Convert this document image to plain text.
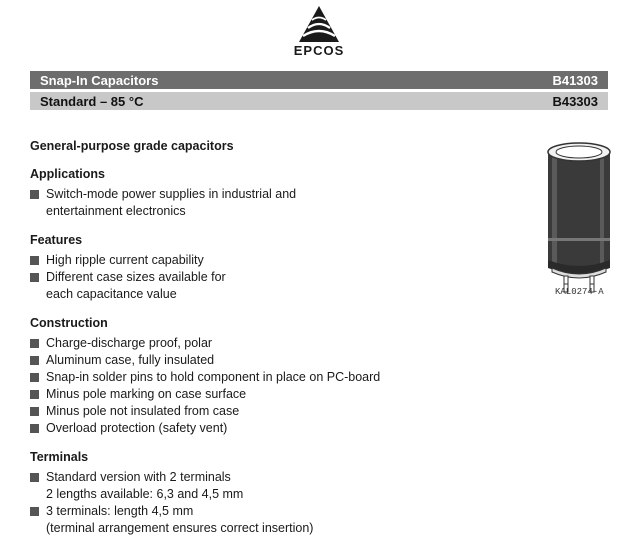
EPCOS
Snap-In Capacitors	B41303
Standard – 85 °C	B43303
General-purpose grade capacitors
Applications
Switch-mode power supplies in industrial and
entertainment electronics
Features
High ripple current capability
Different case sizes available for
each capacitance value
Construction
Charge-discharge proof, polar
Aluminum case, fully insulated
Snap-in solder pins to hold component in place on PC-board
Minus pole marking on case surface
Minus pole not insulated from case
Overload protection (safety vent)
Terminals
Standard version with 2 terminals
2 lengths available: 6,3 and 4,5 mm
3 terminals: length 4,5 mm
(terminal arrangement ensures correct insertion)
KAL0274-A
